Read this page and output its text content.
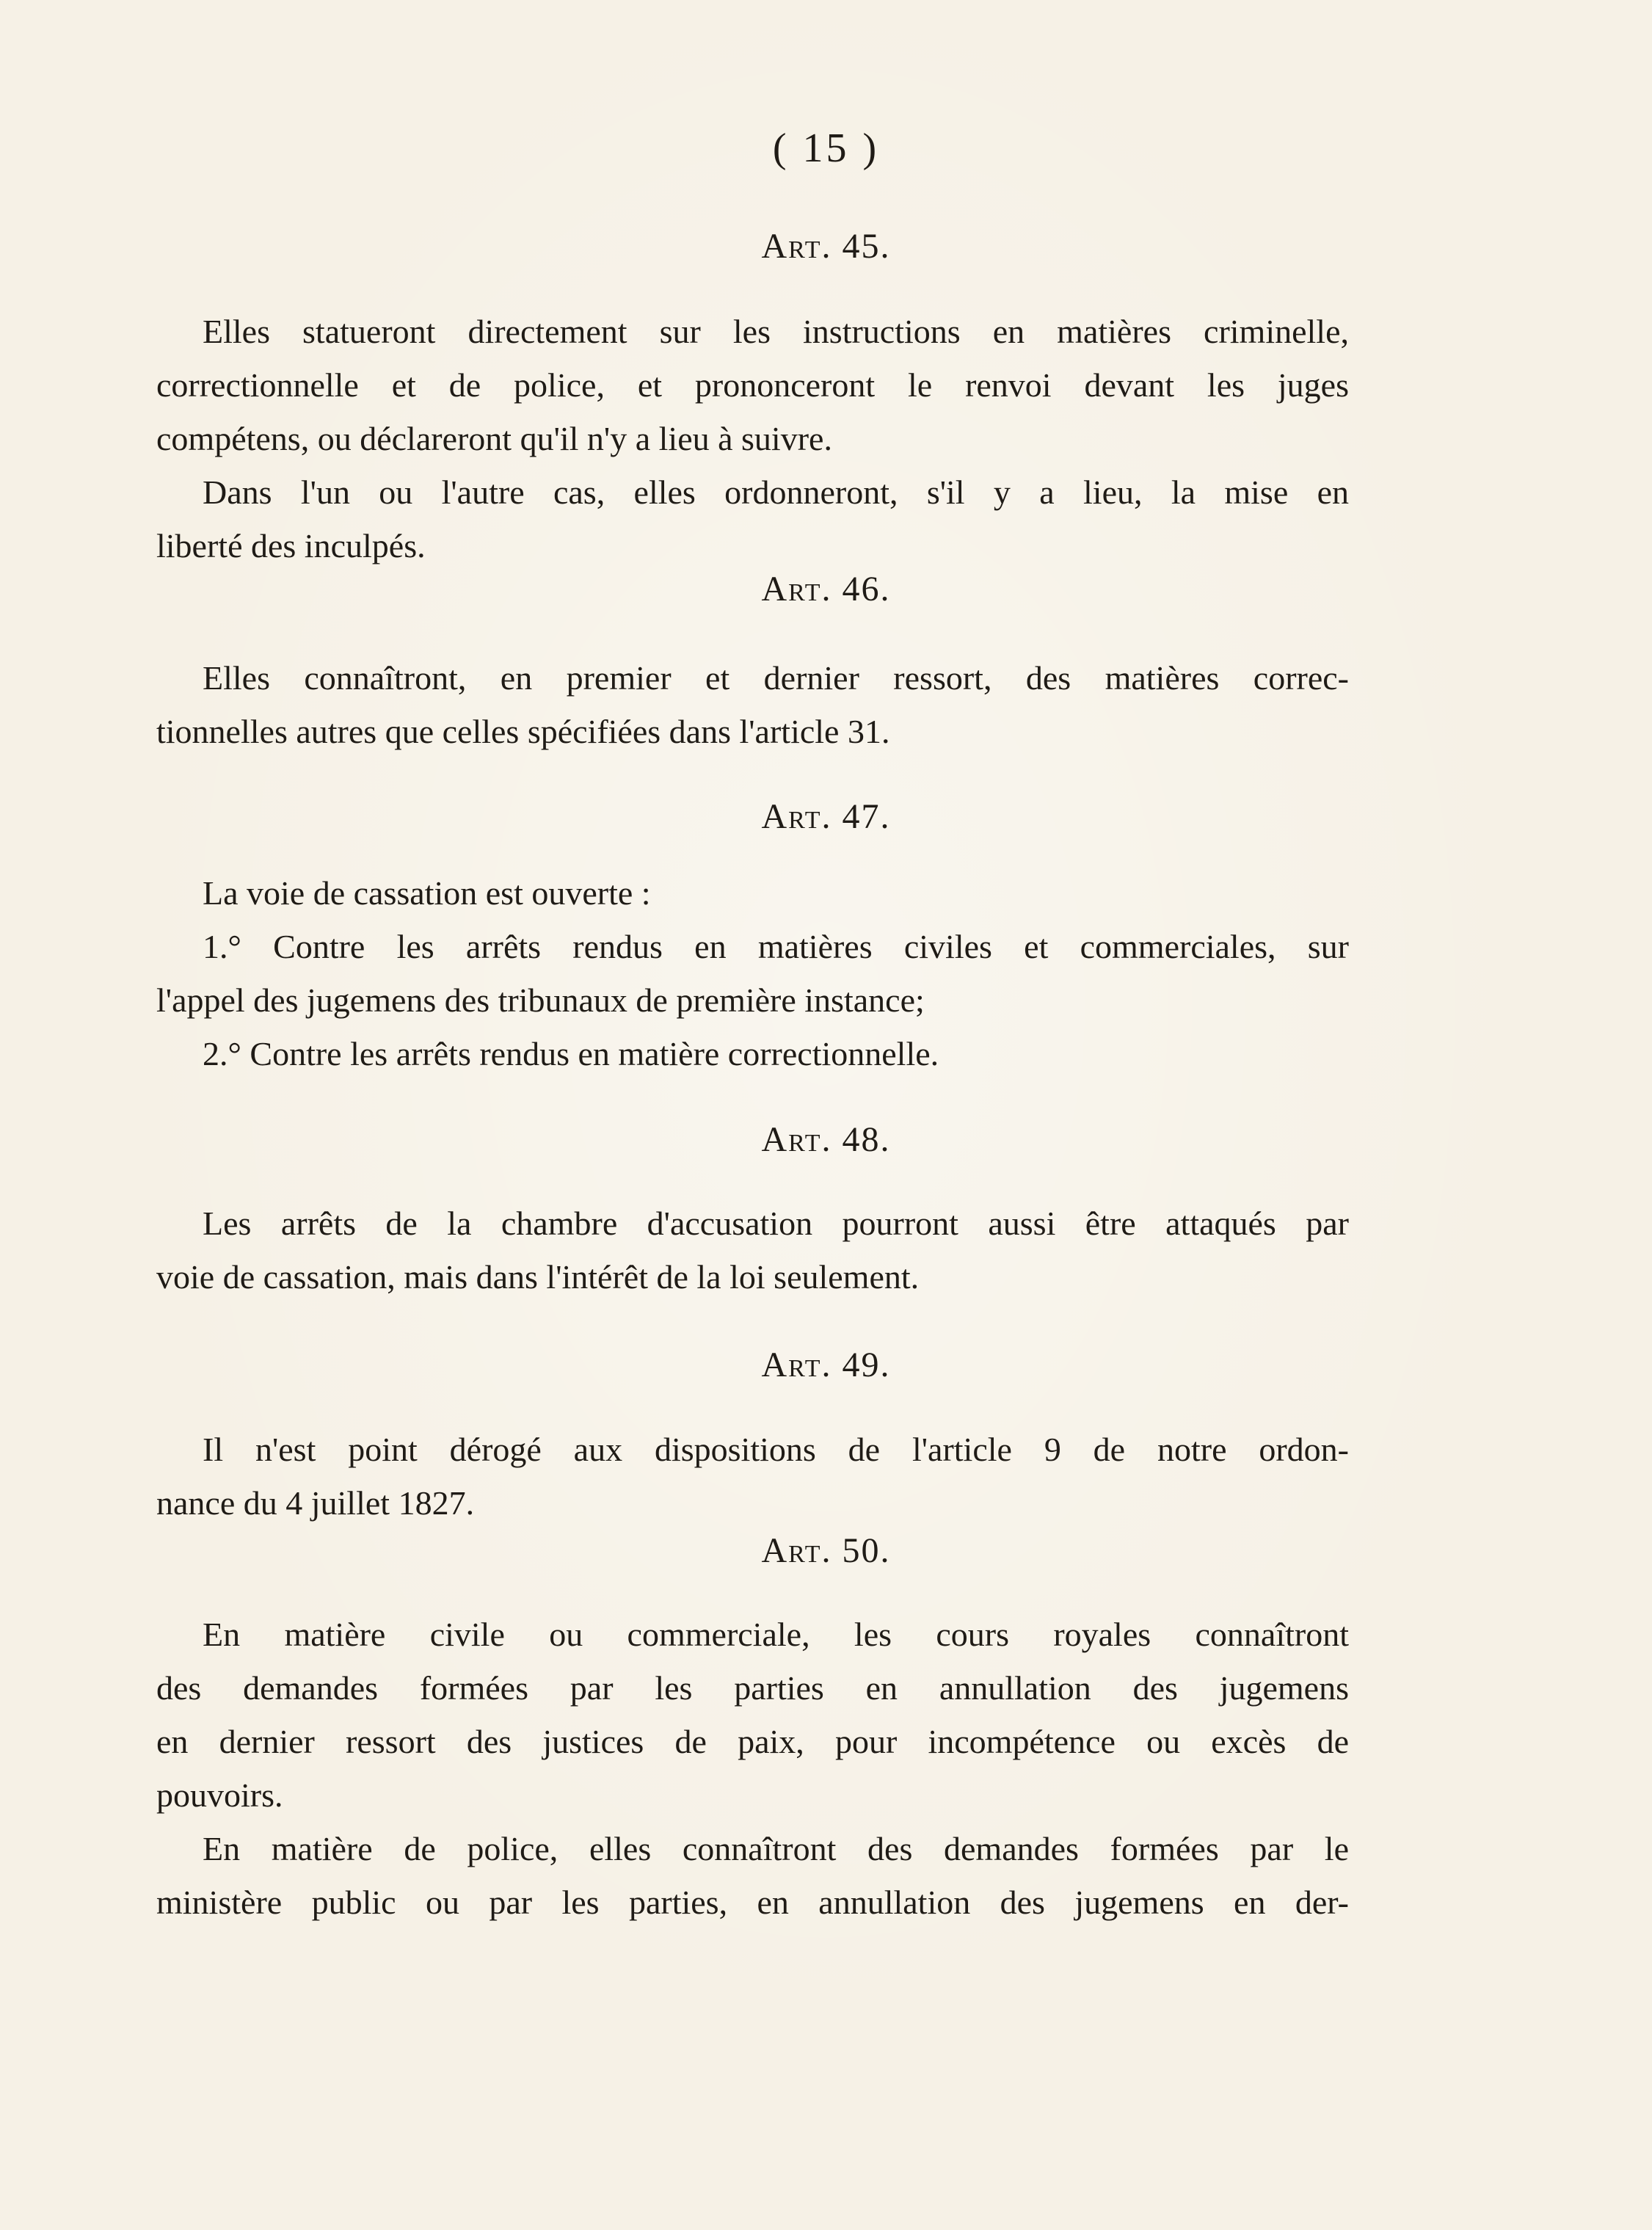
( 15 )
Art. 45.
Elles statueront directement sur les instructions en matières criminelle,
correctionnelle et de police, et prononceront le renvoi devant les juges
compétens, ou déclareront qu'il n'y a lieu à suivre.
Dans l'un ou l'autre cas, elles ordonneront, s'il y a lieu, la mise en
liberté des inculpés.
Art. 46.
Elles connaîtront, en premier et dernier ressort, des matières correc-
tionnelles autres que celles spécifiées dans l'article 31.
Art. 47.
La voie de cassation est ouverte :
1.° Contre les arrêts rendus en matières civiles et commerciales, sur
l'appel des jugemens des tribunaux de première instance;
2.° Contre les arrêts rendus en matière correctionnelle.
Art. 48.
Les arrêts de la chambre d'accusation pourront aussi être attaqués par
voie de cassation, mais dans l'intérêt de la loi seulement.
Art. 49.
Il n'est point dérogé aux dispositions de l'article 9 de notre ordon-
nance du 4 juillet 1827.
Art. 50.
En matière civile ou commerciale, les cours royales connaîtront
des demandes formées par les parties en annullation des jugemens
en dernier ressort des justices de paix, pour incompétence ou excès de
pouvoirs.
En matière de police, elles connaîtront des demandes formées par le
ministère public ou par les parties, en annullation des jugemens en der-
